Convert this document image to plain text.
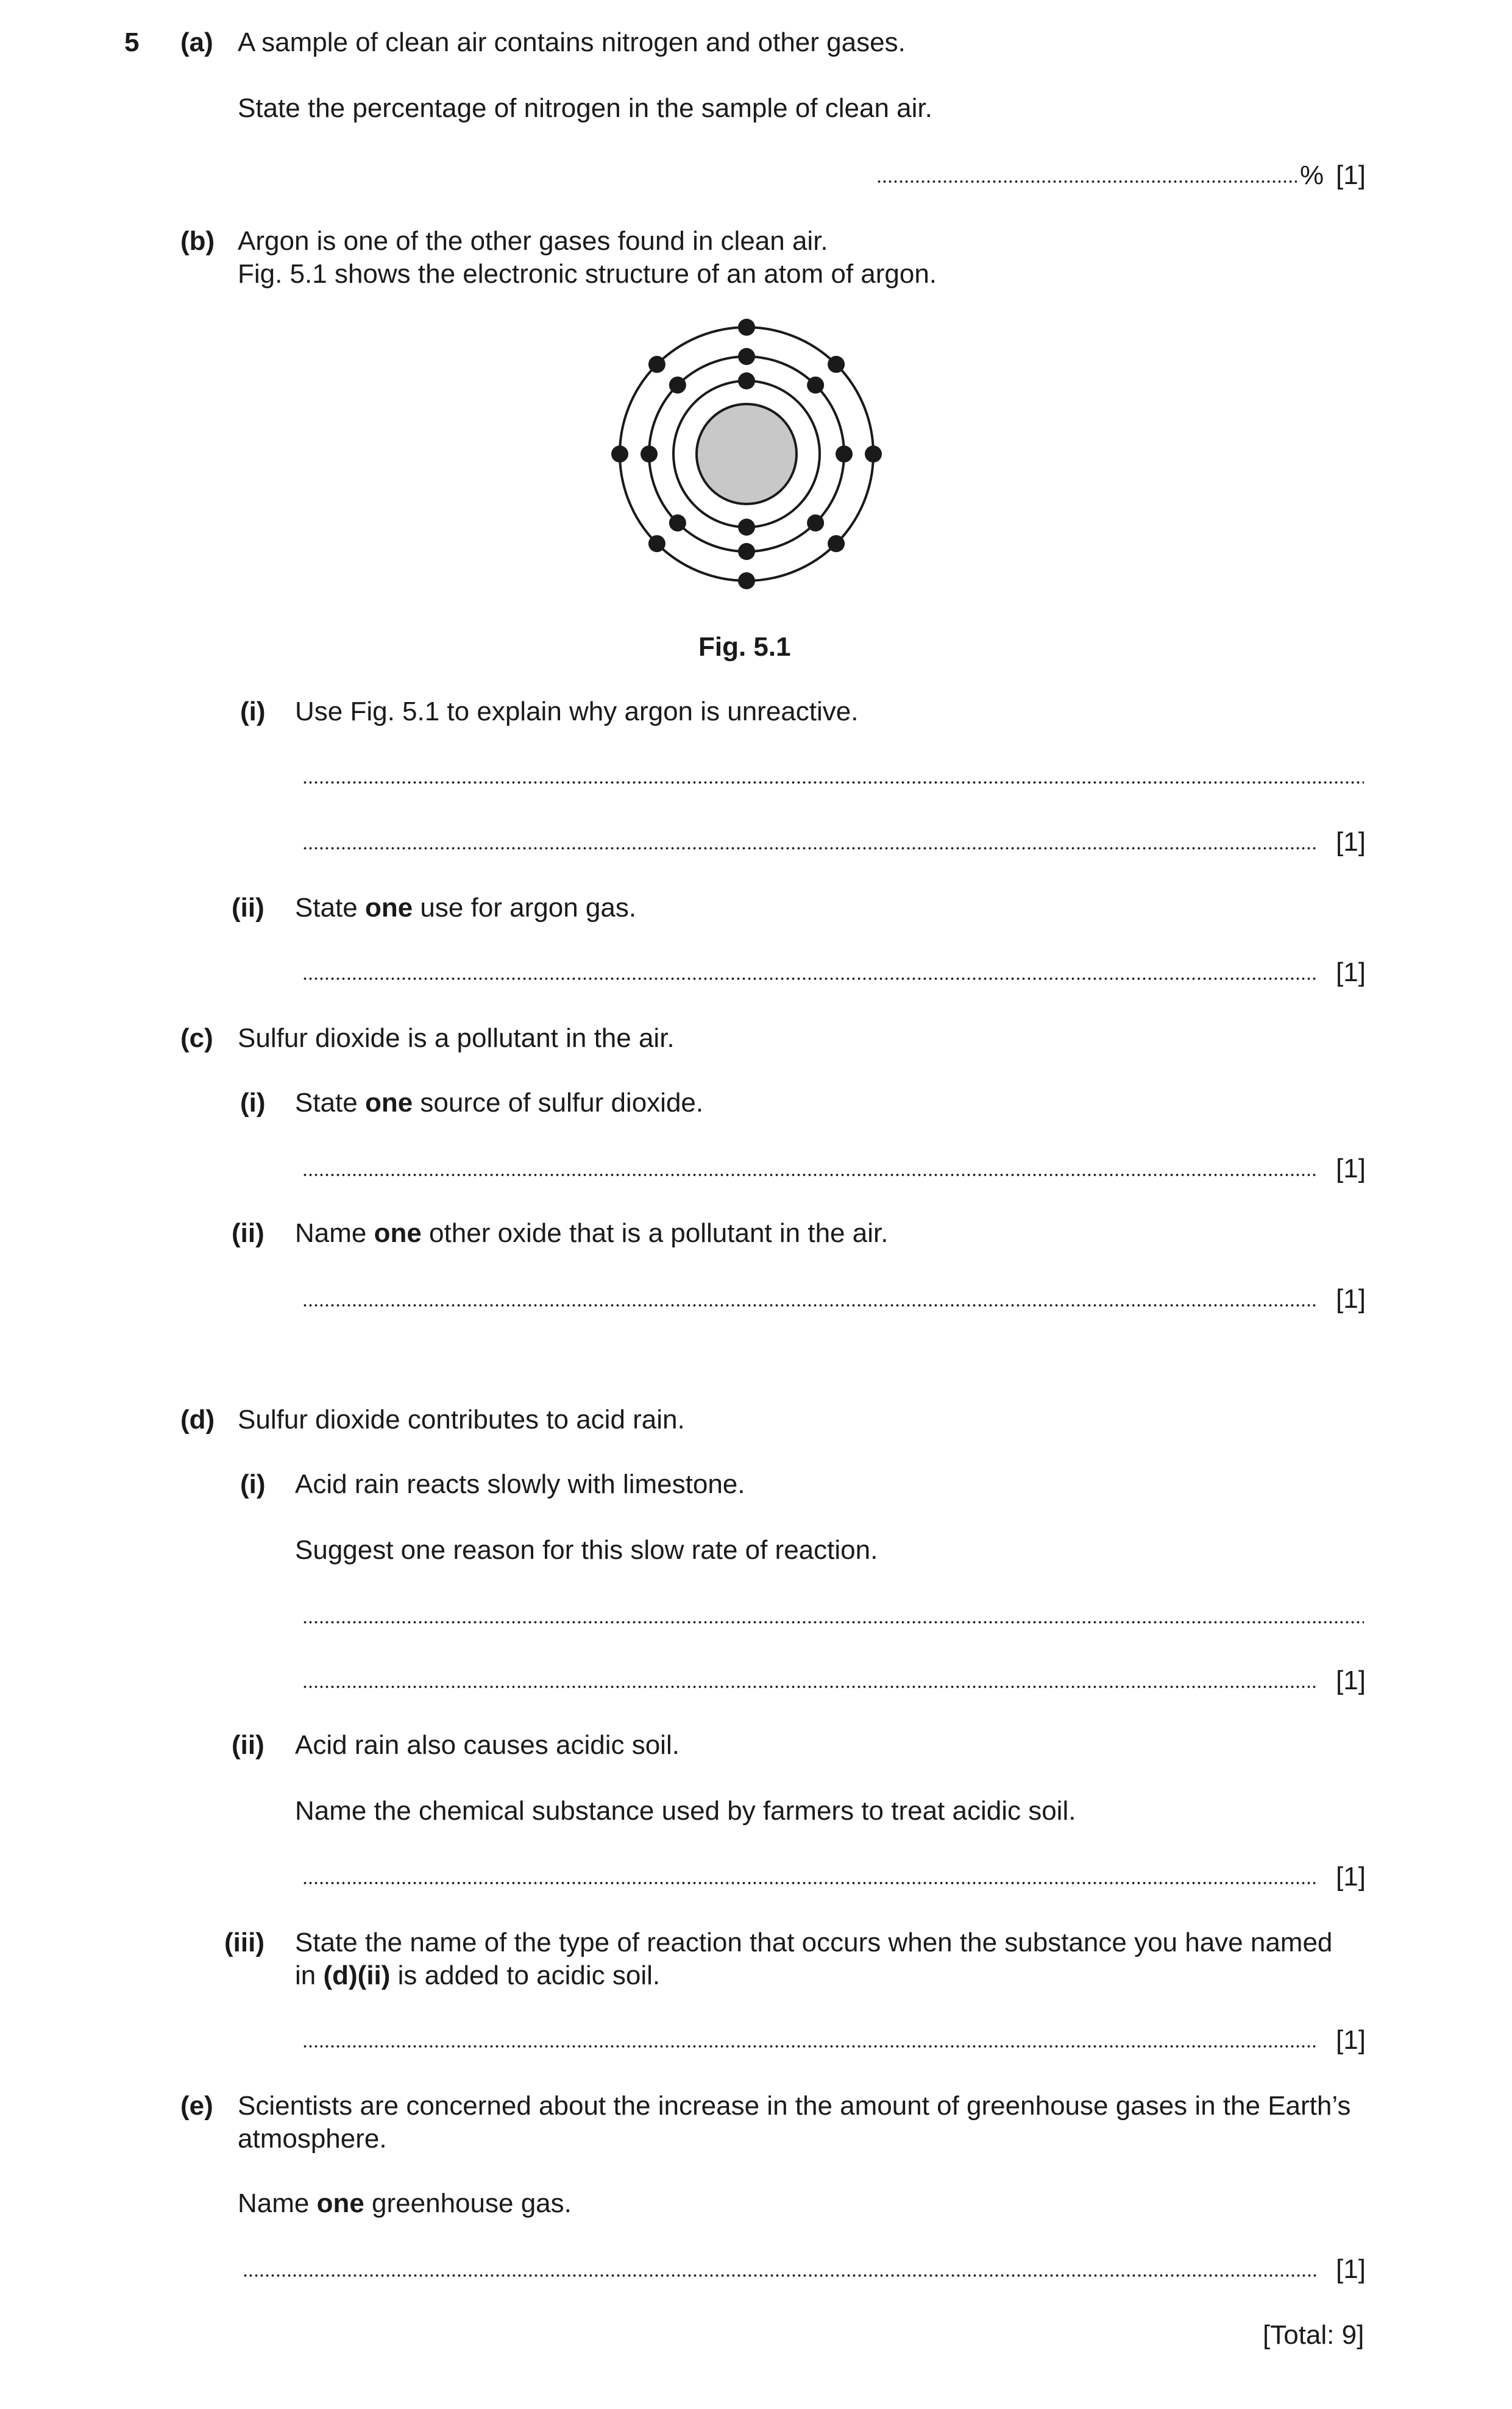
5 (a) A sample of clean air contains nitrogen and other gases.
State the percentage of nitrogen in the sample of clean air.
% [1]
(b) Argon is one of the other gases found in clean air.
Fig. 5.1 shows the electronic structure of an atom of argon.
Fig. 5.1
(i) Use Fig. 5.1 to explain why argon is unreactive.
[1]
(ii) State one use for argon gas.
[1]
(c) Sulfur dioxide is a pollutant in the air.
(i) State one source of sulfur dioxide.
[1]
(ii) Name one other oxide that is a pollutant in the air.
[1]
(d) Sulfur dioxide contributes to acid rain.
(i) Acid rain reacts slowly with limestone.
Suggest one reason for this slow rate of reaction.
[1]
(ii) Acid rain also causes acidic soil.
Name the chemical substance used by farmers to treat acidic soil.
[1]
(iii) State the name of the type of reaction that occurs when the substance you have named
in (d)(ii) is added to acidic soil.
[1]
(e) Scientists are concerned about the increase in the amount of greenhouse gases in the Earth’s
atmosphere.
Name one greenhouse gas.
[1]
[Total: 9]
